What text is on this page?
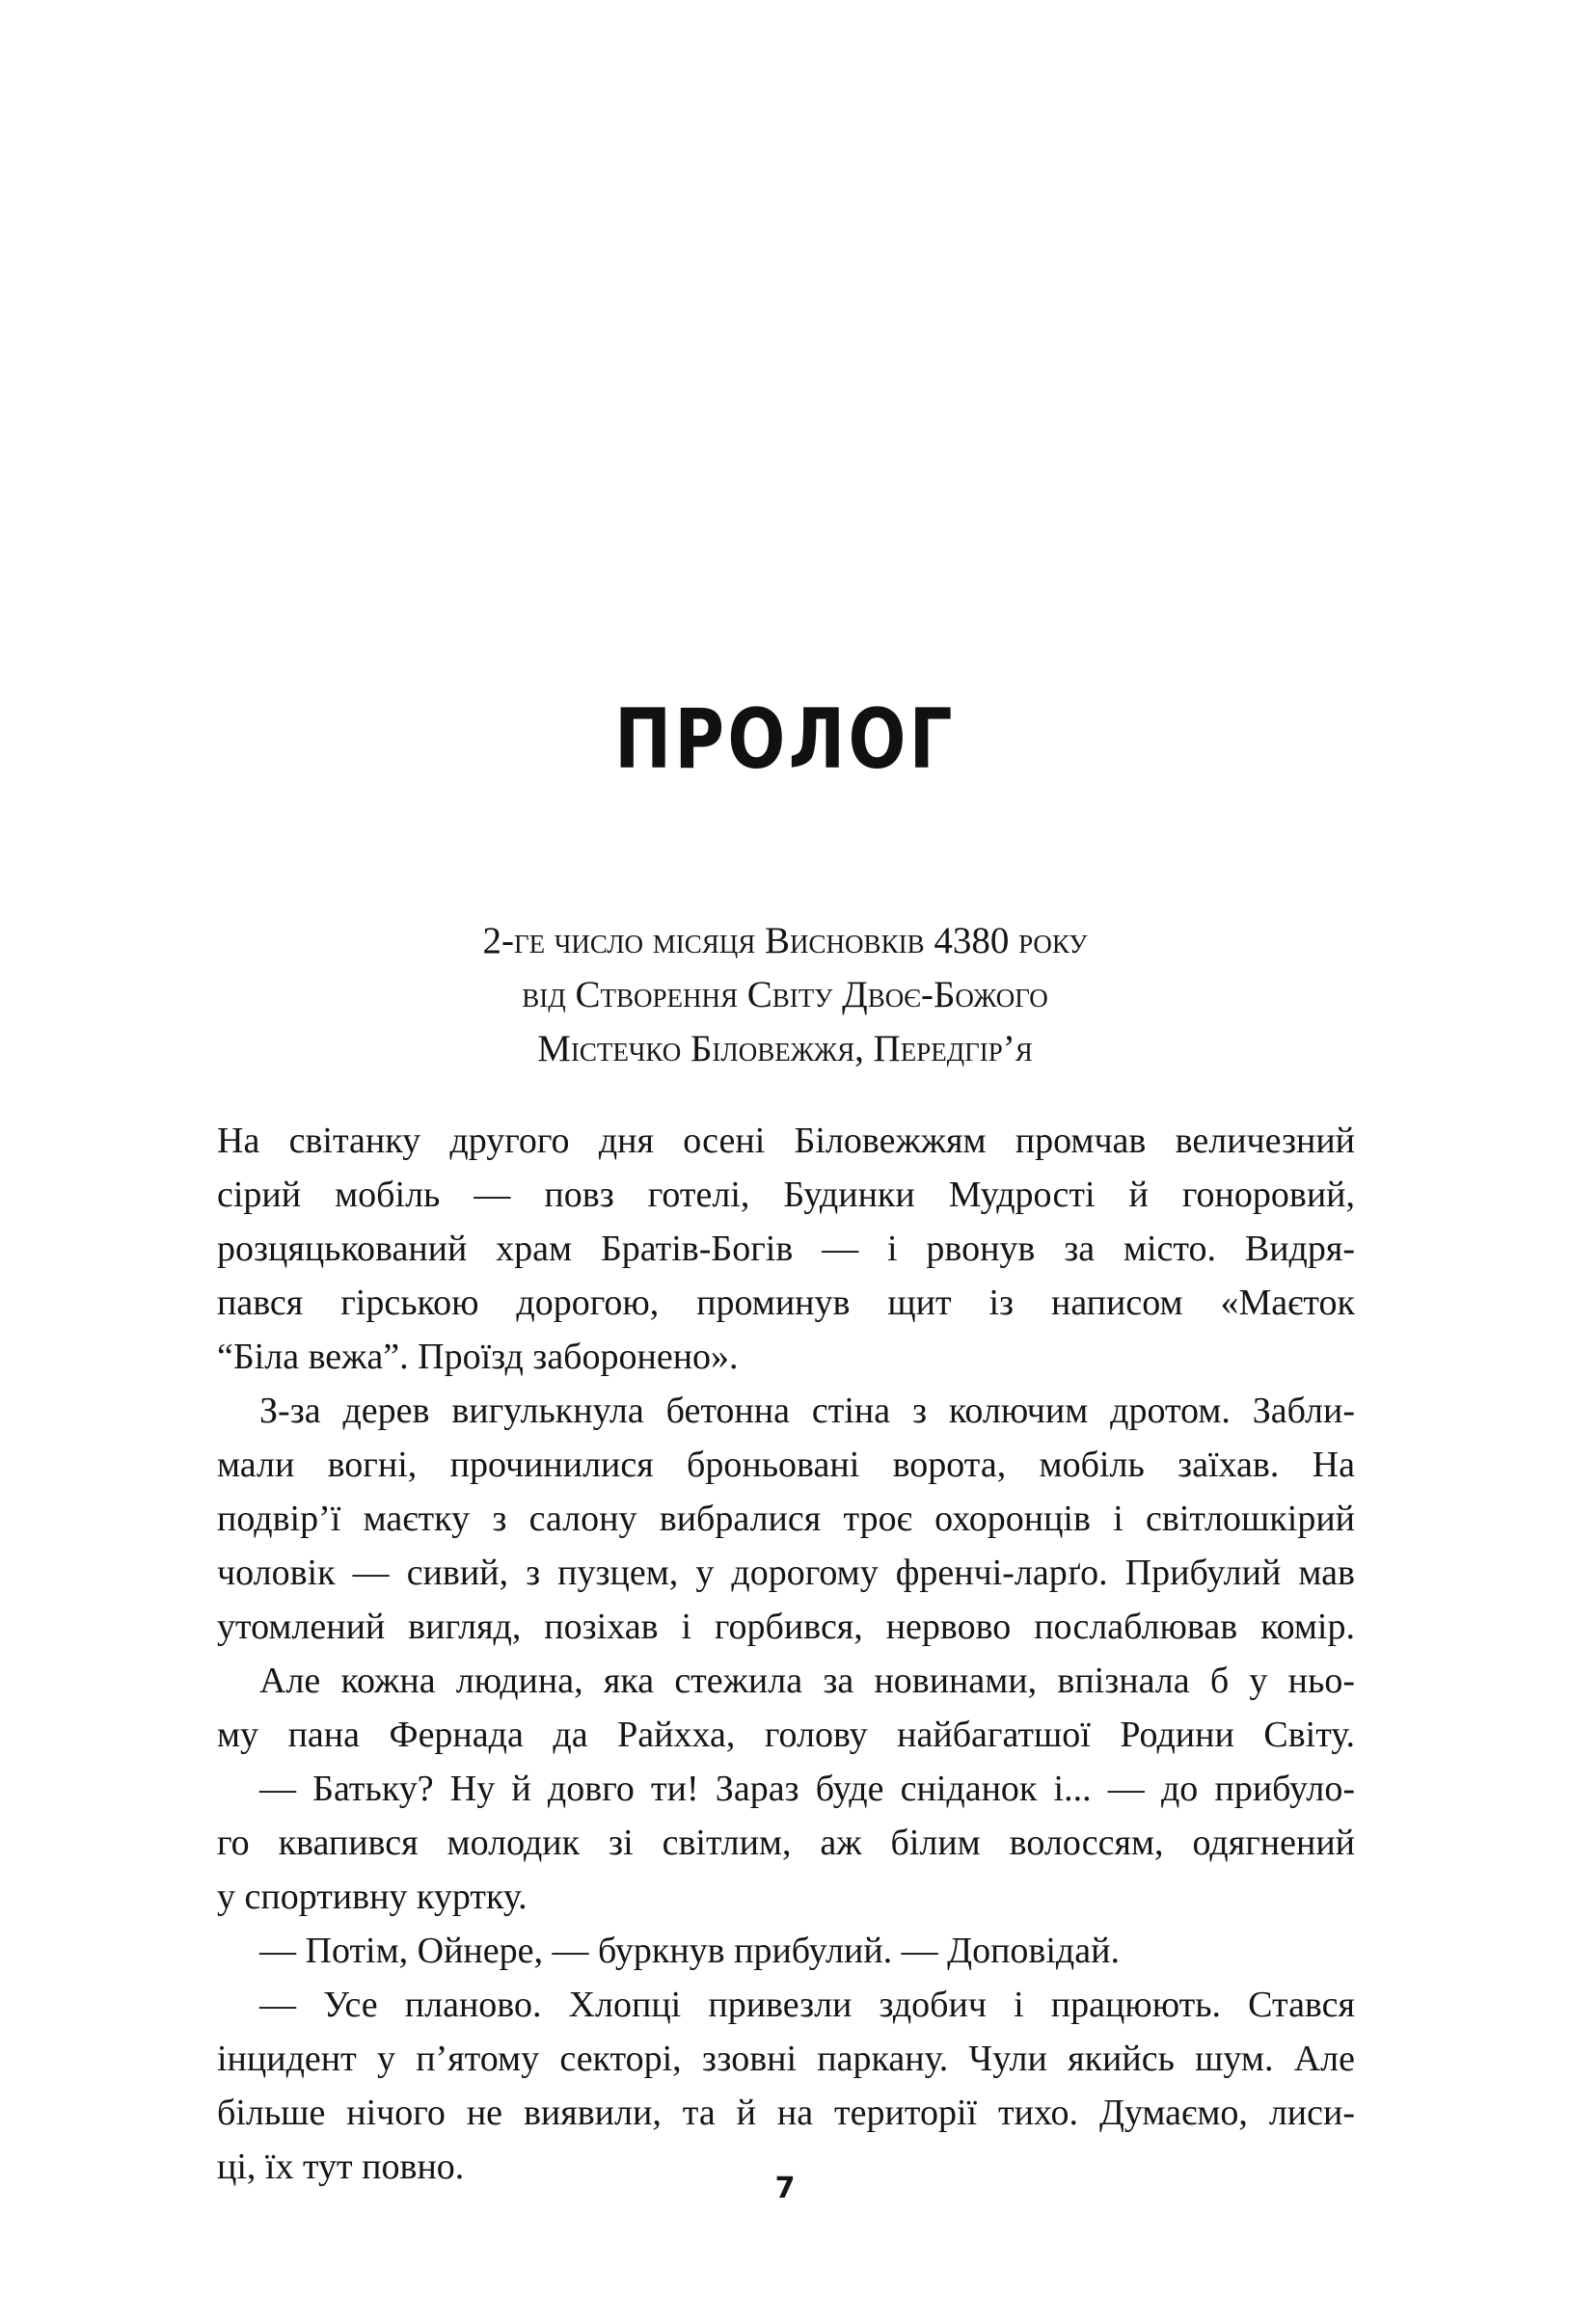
ПРОЛОГ
2-ге число місяця Висновків 4380 року
від Створення Світу Двоє-Божого
Містечко Біловежжя, Передгір’я
На світанку другого дня осені Біловежжям промчав величезний
сірий мобіль — повз готелі, Будинки Мудрості й гоноровий,
розцяцькований храм Братів-Богів — і рвонув за місто. Видря-
пався гірською дорогою, проминув щит із написом «Маєток
“Біла вежа”. Проїзд заборонено».
З-за дерев вигулькнула бетонна стіна з колючим дротом. Забли-
мали вогні, прочинилися броньовані ворота, мобіль заїхав. На
подвір’ї маєтку з салону вибралися троє охоронців і світлошкірий
чоловік — сивий, з пузцем, у дорогому френчі-ларґо. Прибулий мав
утомлений вигляд, позіхав і горбився, нервово послаблював комір.
Але кожна людина, яка стежила за новинами, впізнала б у ньо-
му пана Фернада да Райхха, голову найбагатшої Родини Світу.
— Батьку? Ну й довго ти! Зараз буде сніданок і... — до прибуло-
го квапився молодик зі світлим, аж білим волоссям, одягнений
у спортивну куртку.
— Потім, Ойнере, — буркнув прибулий. — Доповідай.
— Усе планово. Хлопці привезли здобич і працюють. Стався
інцидент у п’ятому секторі, ззовні паркану. Чули якийсь шум. Але
більше нічого не виявили, та й на території тихо. Думаємо, лиси-
ці, їх тут повно.
7
